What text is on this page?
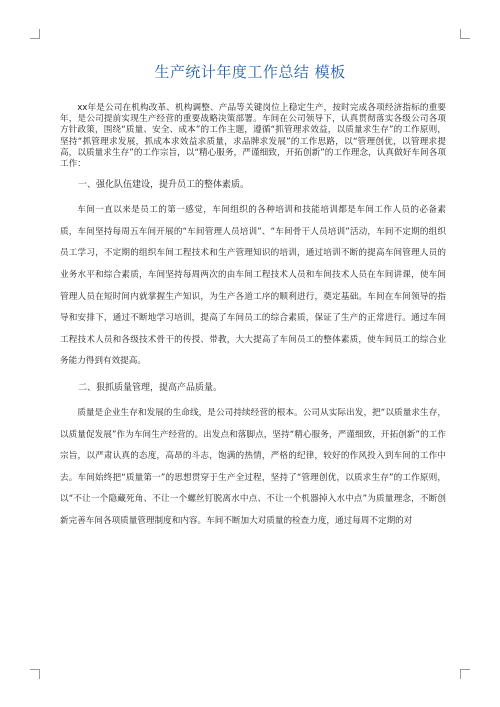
生产统计年度工作总结 模板

xx年是公司在机构改革、机构调整、产品等关键岗位上稳定生产，按时完成各项经济指标的重要年，是公司提前实现生产经营的重要战略决策部署。车间在公司领导下，认真贯彻落实各级公司各项方针政策，围绕“质量、安全、成本”的工作主题，遵循“抓管理求效益，以质量求生存”的工作原则，坚持“抓管理求发展，抓成本求效益求质量，求品牌求发展”的工作思路，以“管理创优，以管理求提高，以质量求生存”的工作宗旨，以“精心服务，严谨细致，开拓创新”的工作理念，认真做好车间各项工作：

一、强化队伍建设，提升员工的整体素质。

车间一直以来是员工的第一感觉，车间组织的各种培训和技能培训都是车间工作人员的必备素质，车间坚持每周五车间开展的“车间管理人员培训”、“车间骨干人员培训”活动，车间不定期的组织员工学习，不定期的组织车间工程技术和生产管理知识的培训，通过培训不断的提高车间管理人员的业务水平和综合素质，车间坚持每周两次的由车间工程技术人员和车间技术人员在车间讲课，使车间管理人员在短时间内就掌握生产知识，为生产各道工序的顺利进行，奠定基础。车间在车间领导的指导和安排下，通过不断地学习培训，提高了车间员工的综合素质，保证了生产的正常进行。通过车间工程技术人员和各级技术骨干的传授、带教，大大提高了车间员工的整体素质，使车间员工的综合业务能力得到有效提高。

二、狠抓质量管理，提高产品质量。

质量是企业生存和发展的生命线，是公司持续经营的根本。公司从实际出发，把“以质量求生存，以质量促发展”作为车间生产经营的。出发点和落脚点，坚持“精心服务，严谨细致，开拓创新”的工作宗旨，以严肃认真的态度，高昂的斗志，饱满的热情，严格的纪律，较好的作风投入到车间的工作中去。车间始终把“质量第一”的思想贯穿于生产全过程，坚持了“管理创优，以质求生存”的工作原则，以“不让一个隐藏死角、不让一个螺丝钉脱离水中点、不让一个机器掉入水中点”为质量理念，不断创新完善车间各项质量管理制度和内容。车间不断加大对质量的检查力度，通过每周不定期的对
